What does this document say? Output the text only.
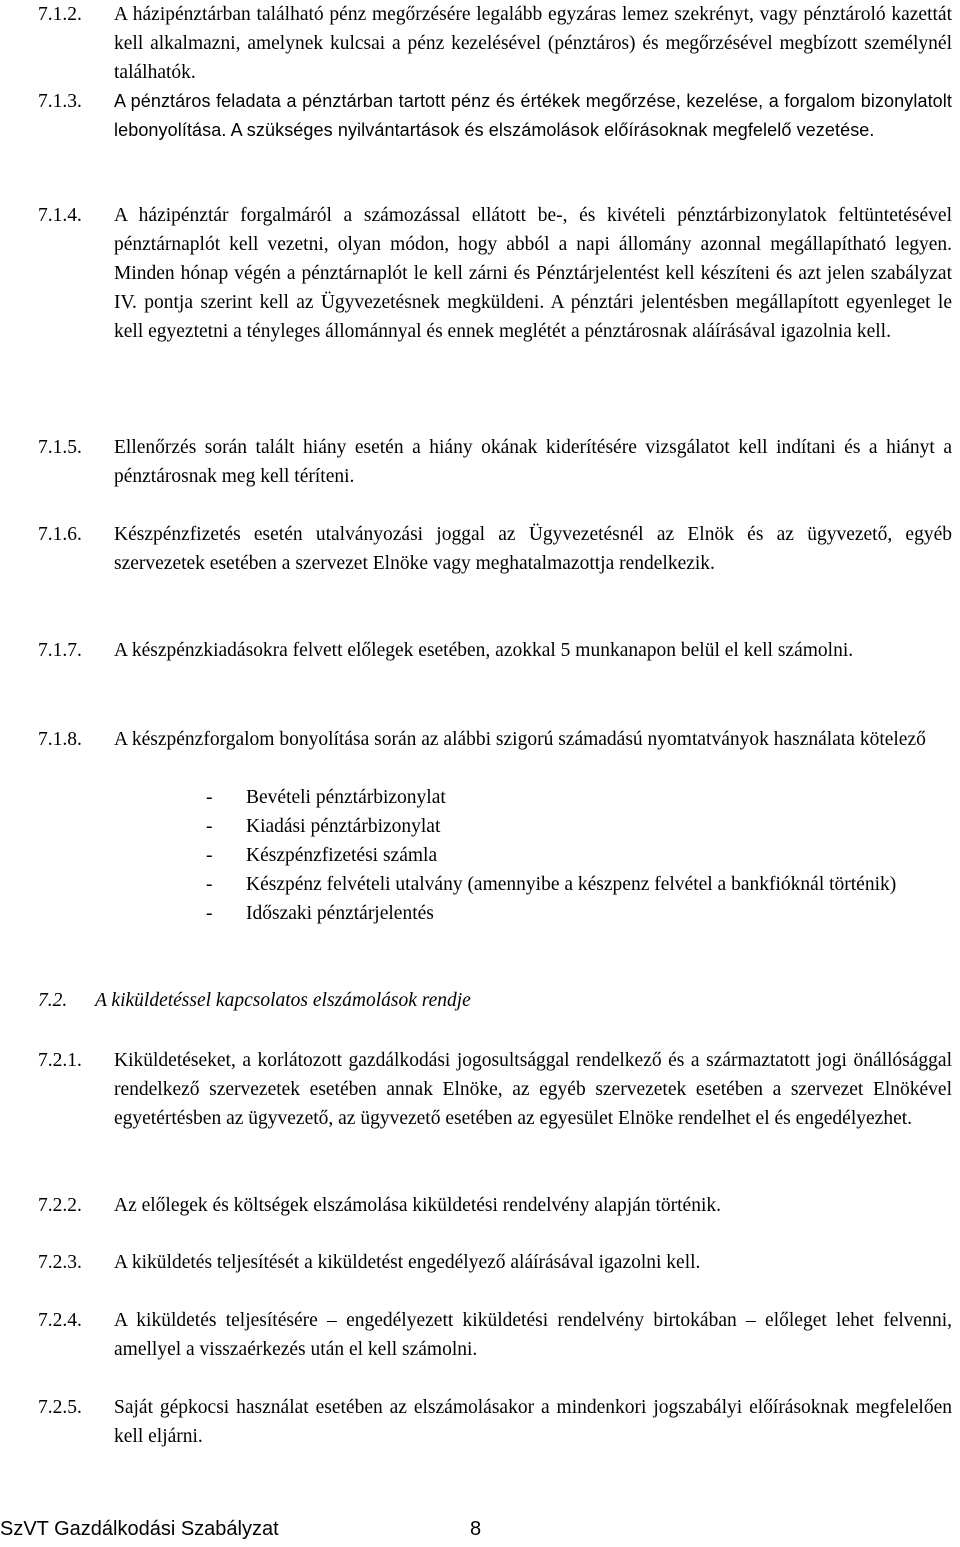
7.1.2.	A házipénztárban található pénz megőrzésére legalább egyzáras lemez szekrényt, vagy pénztároló kazettát kell alkalmazni, amelynek kulcsai a pénz kezelésével (pénztáros) és megőrzésével megbízott személynél találhatók.
7.1.3.	A pénztáros feladata a pénztárban tartott pénz és értékek megőrzése, kezelése, a forgalom bizonylatolt lebonyolítása. A szükséges nyilvántartások és elszámolások előírásoknak megfelelő vezetése.
7.1.4.	A házipénztár forgalmáról a számozással ellátott be-, és kivételi pénztárbizonylatok feltüntetésével pénztárnaplót kell vezetni, olyan módon, hogy abból a napi állomány azonnal megállapítható legyen. Minden hónap végén a pénztárnaplót le kell zárni és Pénztárjelentést kell készíteni és azt jelen szabályzat IV. pontja szerint kell az Ügyvezetésnek megküldeni. A pénztári jelentésben megállapított egyenleget le kell egyeztetni a tényleges állománnyal és ennek meglétét a pénztárosnak aláírásával igazolnia kell.
7.1.5.	Ellenőrzés során talált hiány esetén a hiány okának kiderítésére vizsgálatot kell indítani és a hiányt a pénztárosnak meg kell téríteni.
7.1.6.	Készpénzfizetés esetén utalványozási joggal az Ügyvezetésnél az Elnök és az ügyvezető, egyéb szervezetek esetében a szervezet Elnöke vagy meghatalmazottja rendelkezik.
7.1.7.	A készpénzkiadásokra felvett előlegek esetében, azokkal 5 munkanapon belül el kell számolni.
7.1.8.	A készpénzforgalom bonyolítása során az alábbi szigorú számadású nyomtatványok használata kötelező
- Bevételi pénztárbizonylat
- Kiadási pénztárbizonylat
- Készpénzfizetési számla
- Készpénz felvételi utalvány (amennyibe a készpenz felvétel a bankfióknál történik)
- Időszaki pénztárjelentés
7.2. A kiküldetéssel kapcsolatos elszámolások rendje
7.2.1.	Kiküldetéseket, a korlátozott gazdálkodási jogosultsággal rendelkező és a származtatott jogi önállósággal rendelkező szervezetek esetében annak Elnöke, az egyéb szervezetek esetében a szervezet Elnökével egyetértésben az ügyvezető, az ügyvezető esetében az egyesület Elnöke rendelhet el és engedélyezhet.
7.2.2.	Az előlegek és költségek elszámolása kiküldetési rendelvény alapján történik.
7.2.3.	A kiküldetés teljesítését a kiküldetést engedélyező aláírásával igazolni kell.
7.2.4.	A kiküldetés teljesítésére – engedélyezett kiküldetési rendelvény birtokában – előleget lehet felvenni, amellyel a visszaérkezés után el kell számolni.
7.2.5.	Saját gépkocsi használat esetében az elszámolásakor a mindenkori jogszabályi előírásoknak megfelelően kell eljárni.
SzVT Gazdálkodási Szabályzat	8
